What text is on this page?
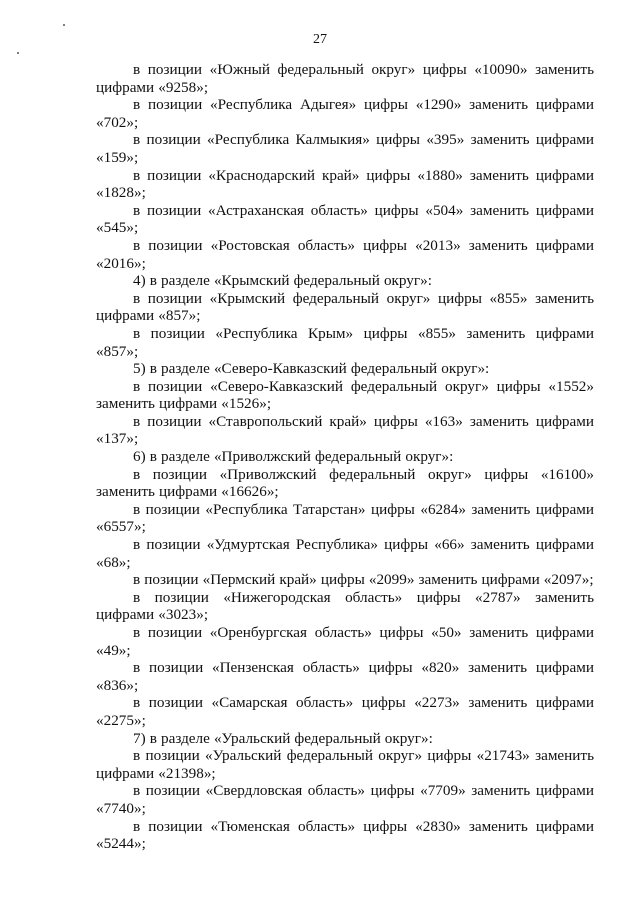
27

в позиции «Южный федеральный округ» цифры «10090» заменить цифрами «9258»;

в позиции «Республика Адыгея» цифры «1290» заменить цифрами «702»;

в позиции «Республика Калмыкия» цифры «395» заменить цифрами «159»;

в позиции «Краснодарский край» цифры «1880» заменить цифрами «1828»;

в позиции «Астраханская область» цифры «504» заменить цифрами «545»;

в позиции «Ростовская область» цифры «2013» заменить цифрами «2016»;

4) в разделе «Крымский федеральный округ»:

в позиции «Крымский федеральный округ» цифры «855» заменить цифрами «857»;

в позиции «Республика Крым» цифры «855» заменить цифрами «857»;

5) в разделе «Северо-Кавказский федеральный округ»:

в позиции «Северо-Кавказский федеральный округ» цифры «1552» заменить цифрами «1526»;

в позиции «Ставропольский край» цифры «163» заменить цифрами «137»;

6) в разделе «Приволжский федеральный округ»:

в позиции «Приволжский федеральный округ» цифры «16100» заменить цифрами «16626»;

в позиции «Республика Татарстан» цифры «6284» заменить цифрами «6557»;

в позиции «Удмуртская Республика» цифры «66» заменить цифрами «68»;

в позиции «Пермский край» цифры «2099» заменить цифрами «2097»;

в позиции «Нижегородская область» цифры «2787» заменить цифрами «3023»;

в позиции «Оренбургская область» цифры «50» заменить цифрами «49»;

в позиции «Пензенская область» цифры «820» заменить цифрами «836»;

в позиции «Самарская область» цифры «2273» заменить цифрами «2275»;

7) в разделе «Уральский федеральный округ»:

в позиции «Уральский федеральный округ» цифры «21743» заменить цифрами «21398»;

в позиции «Свердловская область» цифры «7709» заменить цифрами «7740»;

в позиции «Тюменская область» цифры «2830» заменить цифрами «5244»;
